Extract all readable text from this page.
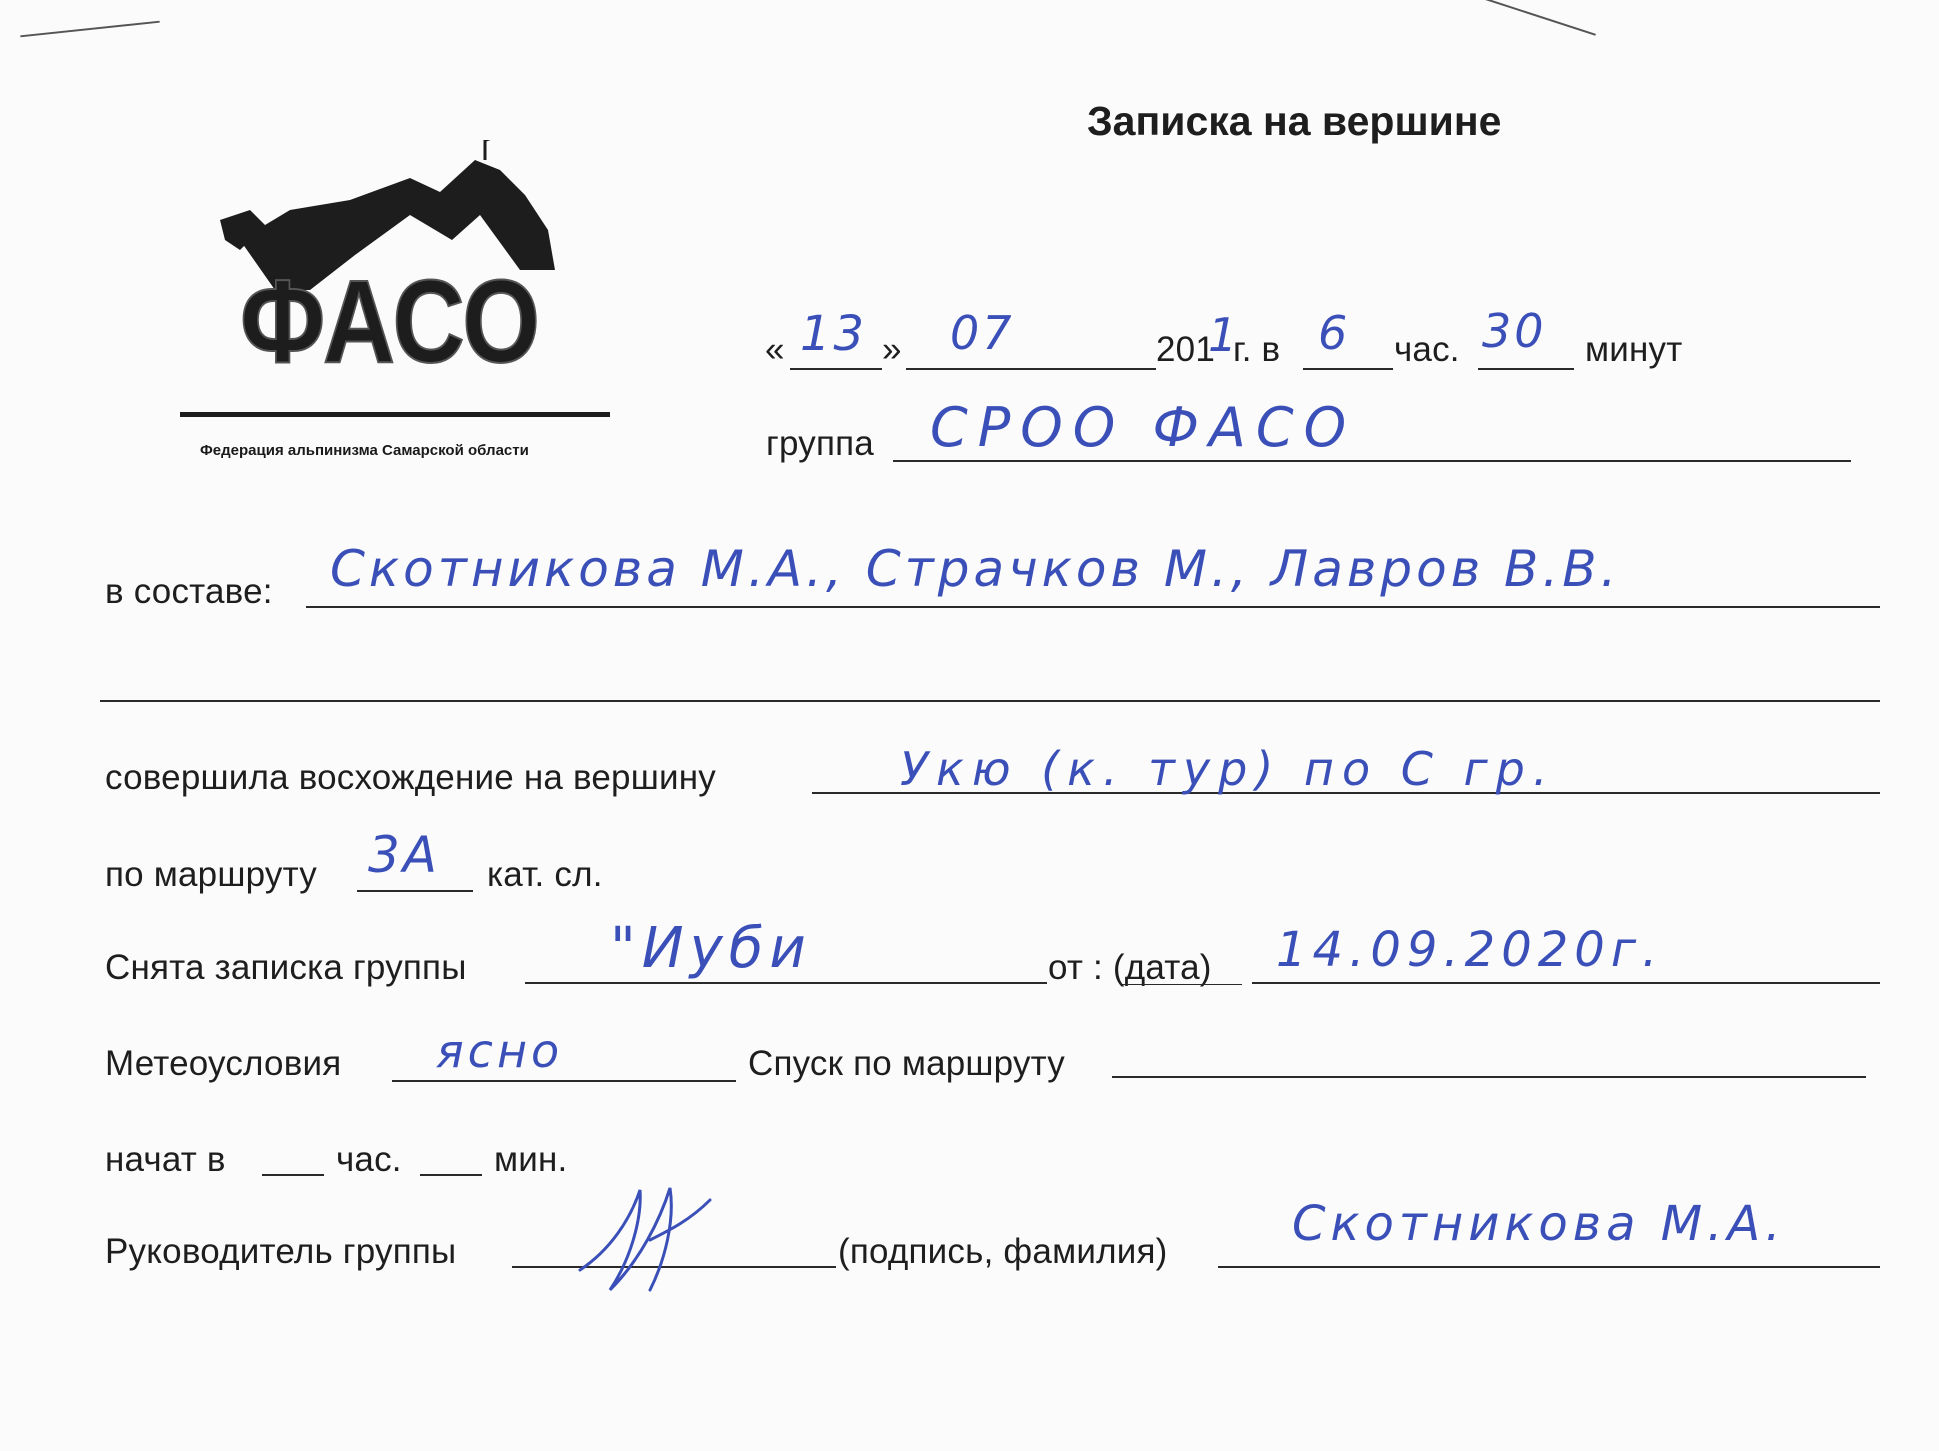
Записка на вершине
ФАСО
Федерация альпинизма Самарской области
« 13 » 07	201
1
г. в 6 час. 30 минут
группа СРОО ФАСО
в составе: Скотникова М.А., Страчков М., Лавров В.В.
совершила восхождение на вершину	Укю (к. тур) по С гр.
по маршруту 3А кат. сл.
Снята записка группы	"Иуби	от : (дата) 14.09.2020г.
Метеоусловия ясно	Спуск по маршруту
начат в	час.	мин.
Руководитель группы	(подпись, фамилия)	Скотникова М.А.
